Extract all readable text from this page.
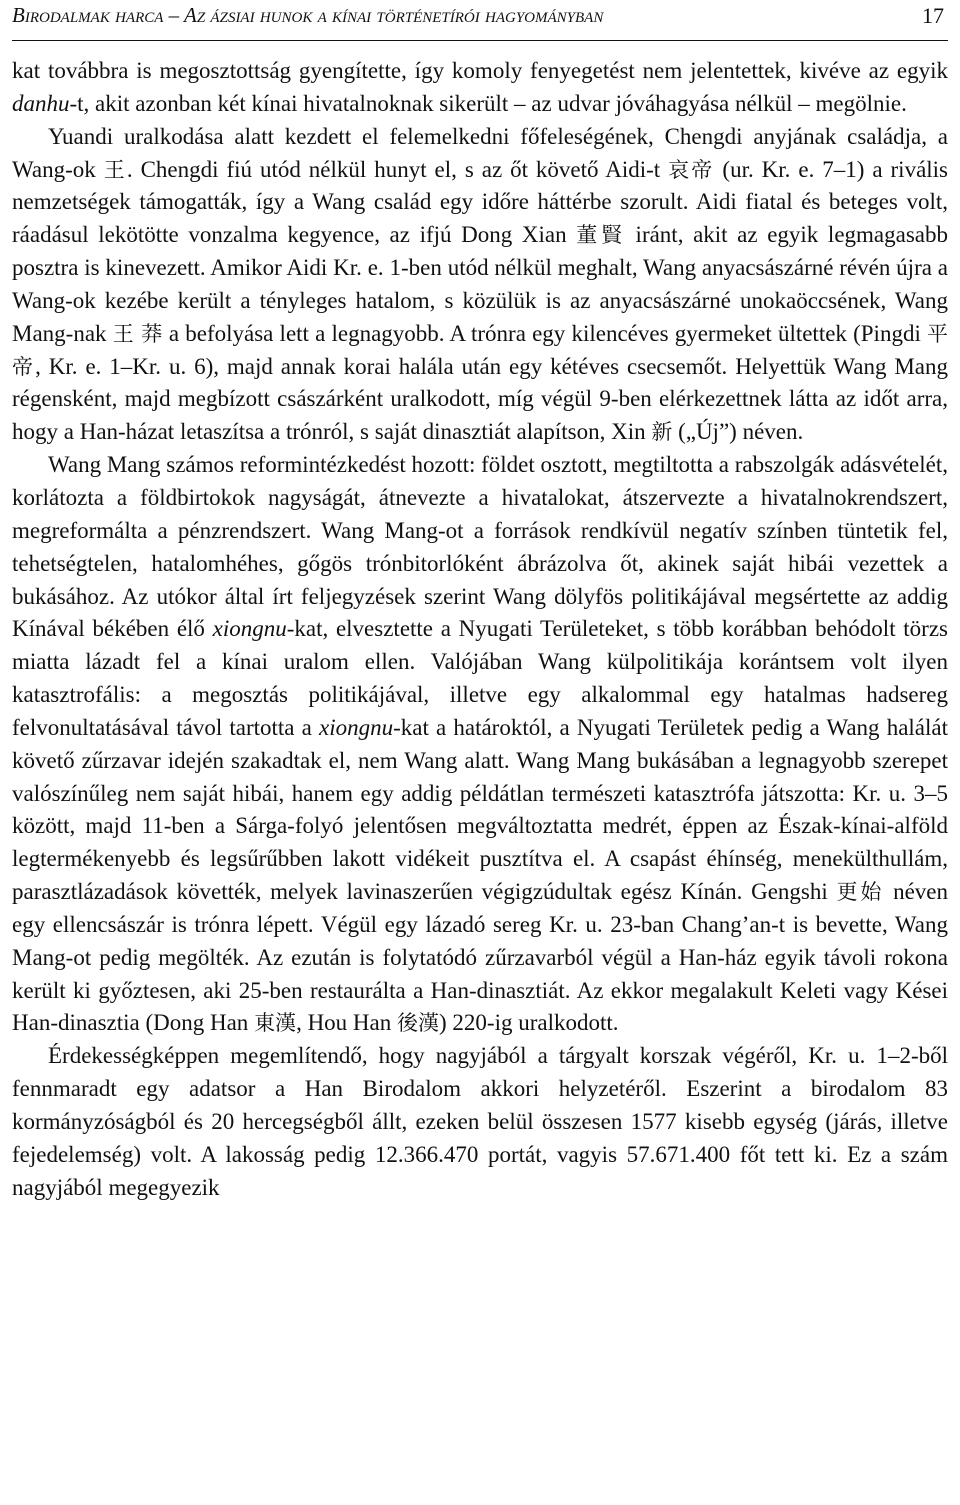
Birodalmak harca – Az ázsiai hunok a kínai történetírói hagyományban	17

kat továbbra is megosztottság gyengítette, így komoly fenyegetést nem jelentettek, kivéve az egyik danhu-t, akit azonban két kínai hivatalnoknak sikerült – az udvar jóváhagyása nélkül – megölnie.

Yuandi uralkodása alatt kezdett el felemelkedni főfeleségének, Chengdi anyjának családja, a Wang-ok 王. Chengdi fiú utód nélkül hunyt el, s az őt követő Aidi-t 哀帝 (ur. Kr. e. 7–1) a rivális nemzetségek támogatták, így a Wang család egy időre háttérbe szorult. Aidi fiatal és beteges volt, ráadásul lekötötte vonzalma kegyence, az ifjú Dong Xian 董賢 iránt, akit az egyik legmagasabb posztra is kinevezett. Amikor Aidi Kr. e. 1-ben utód nélkül meghalt, Wang anyacsászárné révén újra a Wang-ok kezébe került a tényleges hatalom, s közülük is az anyacsászárné unokaöccsének, Wang Mang-nak 王 莽 a befolyása lett a legnagyobb. A trónra egy kilencéves gyermeket ültettek (Pingdi 平帝, Kr. e. 1–Kr. u. 6), majd annak korai halála után egy kétéves csecsemőt. Helyettük Wang Mang régensként, majd megbízott császárként uralkodott, míg végül 9-ben elérkezettnek látta az időt arra, hogy a Han-házat letaszítsa a trónról, s saját dinasztiát alapítson, Xin 新 („Új”) néven.

Wang Mang számos reformintézkedést hozott: földet osztott, megtiltotta a rabszolgák adásvételét, korlátozta a földbirtokok nagyságát, átnevezte a hivatalokat, átszervezte a hivatalnokrendszert, megreformálta a pénzrendszert. Wang Mang-ot a források rendkívül negatív színben tüntetik fel, tehetségtelen, hatalomhéhes, gőgös trónbitorlóként ábrázolva őt, akinek saját hibái vezettek a bukásához. Az utókor által írt feljegyzések szerint Wang dölyfös politikájával megsértette az addig Kínával békében élő xiongnu-kat, elvesztette a Nyugati Területeket, s több korábban behódolt törzs miatta lázadt fel a kínai uralom ellen. Valójában Wang külpolitikája korántsem volt ilyen katasztrofális: a megosztás politikájával, illetve egy alkalommal egy hatalmas hadsereg felvonultatásával távol tartotta a xiongnu-kat a határoktól, a Nyugati Területek pedig a Wang halálát követő zűrzavar idején szakadtak el, nem Wang alatt. Wang Mang bukásában a legnagyobb szerepet valószínűleg nem saját hibái, hanem egy addig példátlan természeti katasztrófa játszotta: Kr. u. 3–5 között, majd 11-ben a Sárga-folyó jelentősen megváltoztatta medrét, éppen az Észak-kínai-alföld legtermékenyebb és legsűrűbben lakott vidékeit pusztítva el. A csapást éhínség, menekülthullám, parasztlázadások követték, melyek lavinaszerűen végigzúdultak egész Kínán. Gengshi 更始 néven egy ellencsászár is trónra lépett. Végül egy lázadó sereg Kr. u. 23-ban Chang’an-t is bevette, Wang Mang-ot pedig megölték. Az ezután is folytatódó zűrzavarból végül a Han-ház egyik távoli rokona került ki győztesen, aki 25-ben restaurálta a Han-dinasztiát. Az ekkor megalakult Keleti vagy Kései Han-dinasztia (Dong Han 東漢, Hou Han 後漢) 220-ig uralkodott.

Érdekességképpen megemlítendő, hogy nagyjából a tárgyalt korszak végéről, Kr. u. 1–2-ből fennmaradt egy adatsor a Han Birodalom akkori helyzetéről. Eszerint a birodalom 83 kormányzóságból és 20 hercegségből állt, ezeken belül összesen 1577 kisebb egység (járás, illetve fejedelemség) volt. A lakosság pedig 12.366.470 portát, vagyis 57.671.400 főt tett ki. Ez a szám nagyjából megegyezik
